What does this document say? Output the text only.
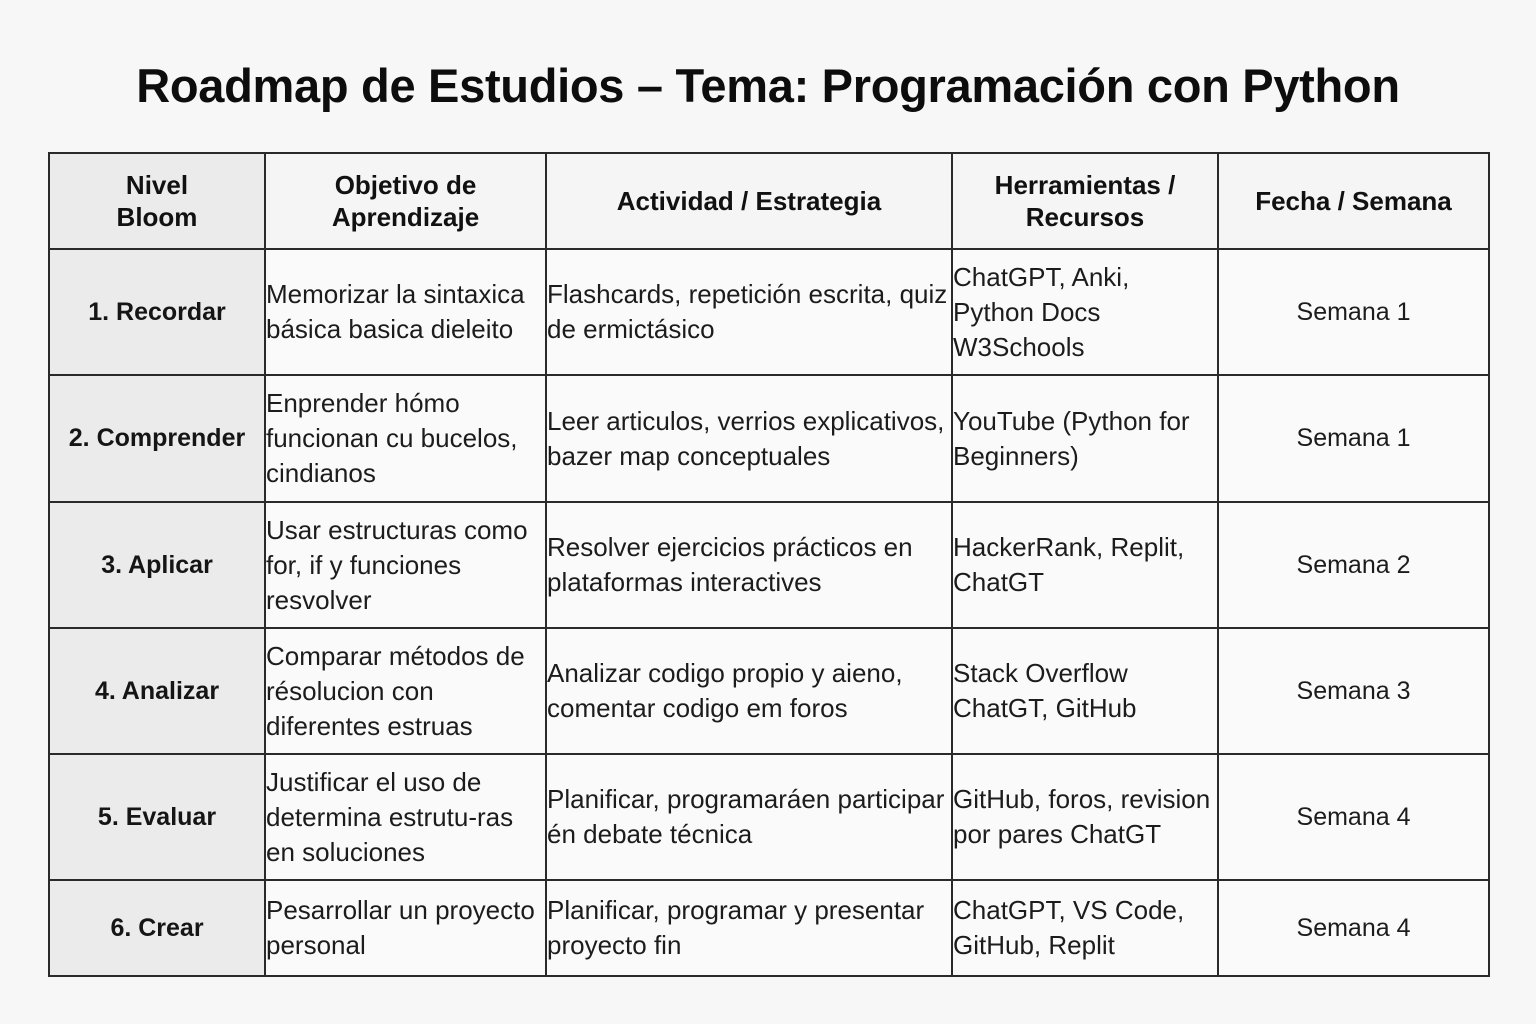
Roadmap de Estudios – Tema: Programación con Python
Nivel Bloom	Objetivo de Aprendizaje	Actividad / Estrategia	Herramientas / Recursos	Fecha / Semana
1. Recordar	Memorizar la sintaxica básica basica dieleito	Flashcards, repetición escrita, quiz de ermictásico	ChatGPT, Anki, Python Docs W3Schools	Semana 1
2. Comprender	Enprender hómo funcionan cu bucelos, cindianos	Leer articulos, verrios explicativos, bazer map conceptuales	YouTube (Python for Beginners)	Semana 1
3. Aplicar	Usar estructuras como for, if y funciones resvolver	Resolver ejercicios prácticos en plataformas interactives	HackerRank, Replit, ChatGT	Semana 2
4. Analizar	Comparar métodos de résolucion con diferentes estruas	Analizar codigo propio y aieno, comentar codigo em foros	Stack Overflow ChatGT, GitHub	Semana 3
5. Evaluar	Justificar el uso de determina estrutu-ras en soluciones	Planificar, programaráen participar én debate técnica	GitHub, foros, revision por pares ChatGT	Semana 4
6. Crear	Pesarrollar un proyecto personal	Planificar, programar y presentar proyecto fin	ChatGPT, VS Code, GitHub, Replit	Semana 4
